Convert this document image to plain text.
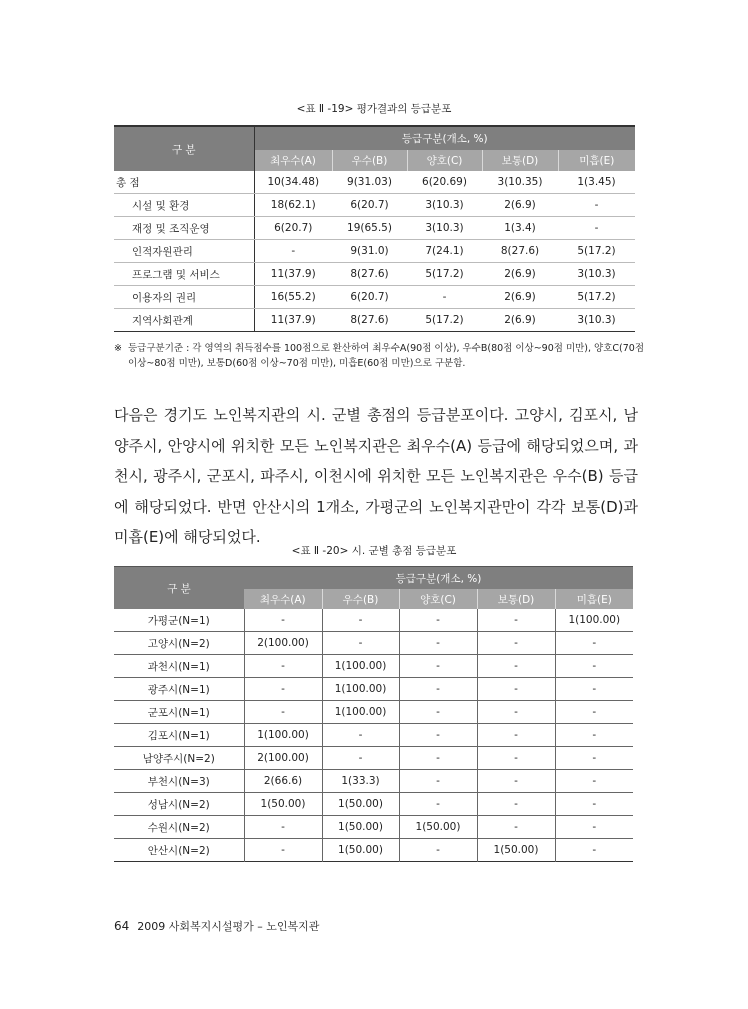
<표 Ⅱ -19> 평가결과의 등급분포
구 분	등급구분(개소, %)				
	최우수(A)	우수(B)	양호(C)	보통(D)	미흡(E)
총 점	10(34.48)	9(31.03)	6(20.69)	3(10.35)	1(3.45)
시설 및 환경	18(62.1)	6(20.7)	3(10.3)	2(6.9)	-
재정 및 조직운영	6(20.7)	19(65.5)	3(10.3)	1(3.4)	-
인적자원관리	-	9(31.0)	7(24.1)	8(27.6)	5(17.2)
프로그램 및 서비스	11(37.9)	8(27.6)	5(17.2)	2(6.9)	3(10.3)
이용자의 권리	16(55.2)	6(20.7)	-	2(6.9)	5(17.2)
지역사회관계	11(37.9)	8(27.6)	5(17.2)	2(6.9)	3(10.3)
※ 등급구분기준 : 각 영역의 취득점수를 100점으로 환산하여 최우수A(90점 이상), 우수B(80점 이상~90점 미만), 양호C(70점 이상~80점 미만), 보통D(60점 이상~70점 미만), 미흡E(60점 미만)으로 구분함.
다음은 경기도 노인복지관의 시. 군별 총점의 등급분포이다. 고양시, 김포시, 남양주시, 안양시에 위치한 모든 노인복지관은 최우수(A) 등급에 해당되었으며, 과천시, 광주시, 군포시, 파주시, 이천시에 위치한 모든 노인복지관은 우수(B) 등급에 해당되었다. 반면 안산시의 1개소, 가평군의 노인복지관만이 각각 보통(D)과 미흡(E)에 해당되었다.
<표 Ⅱ -20> 시. 군별 총점 등급분포
구 분	등급구분(개소, %)				
	최우수(A)	우수(B)	양호(C)	보통(D)	미흡(E)
가평군(N=1)	-	-	-	-	1(100.00)
고양시(N=2)	2(100.00)	-	-	-	-
과천시(N=1)	-	1(100.00)	-	-	-
광주시(N=1)	-	1(100.00)	-	-	-
군포시(N=1)	-	1(100.00)	-	-	-
김포시(N=1)	1(100.00)	-	-	-	-
남양주시(N=2)	2(100.00)	-	-	-	-
부천시(N=3)	2(66.6)	1(33.3)	-	-	-
성남시(N=2)	1(50.00)	1(50.00)	-	-	-
수원시(N=2)	-	1(50.00)	1(50.00)	-	-
안산시(N=2)	-	1(50.00)	-	1(50.00)	-
64 2009 사회복지시설평가 – 노인복지관
